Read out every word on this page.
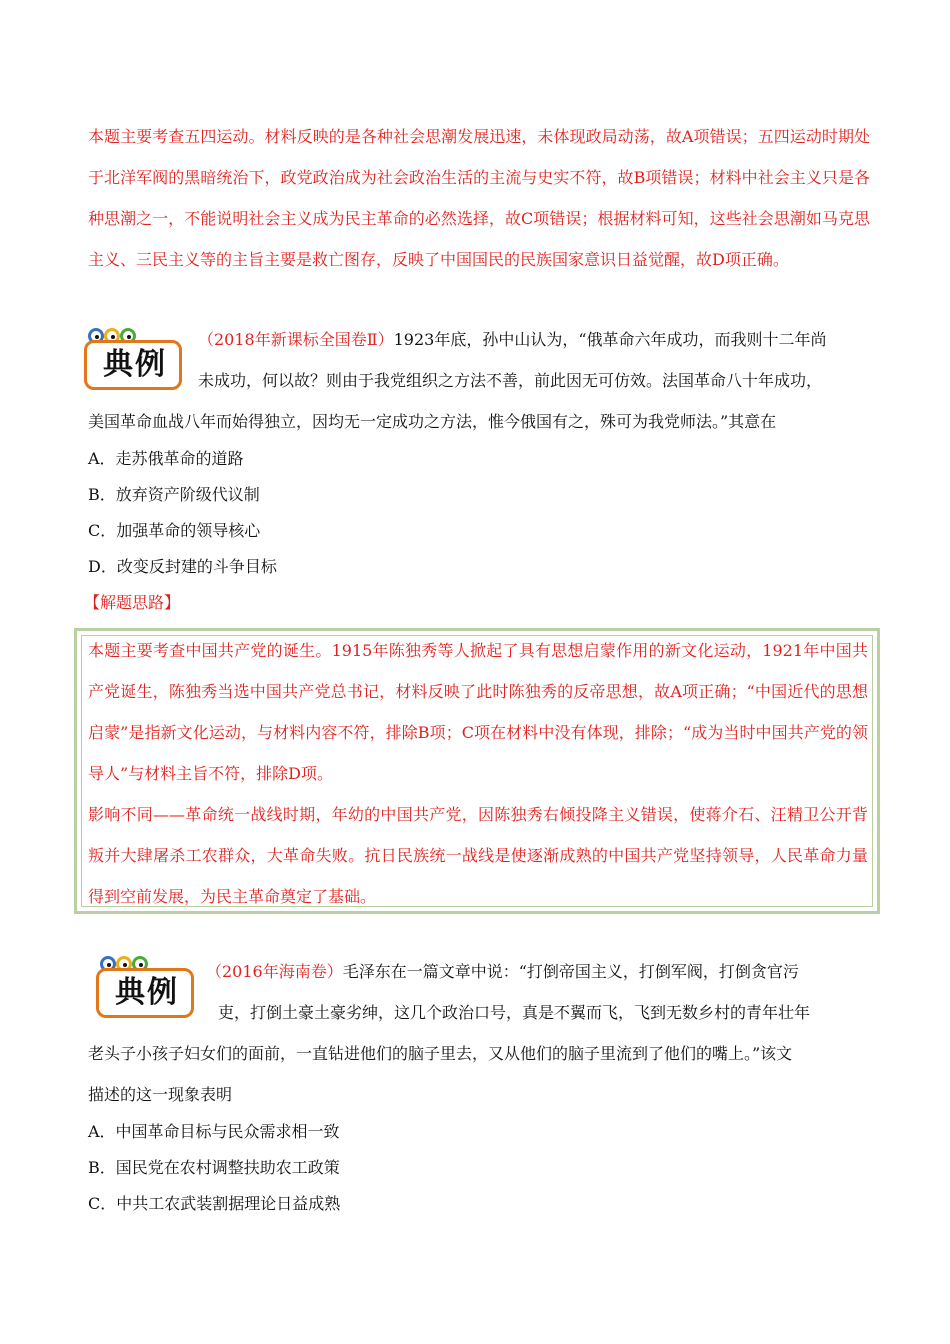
本题主要考查五四运动。材料反映的是各种社会思潮发展迅速，未体现政局动荡，故A项错误；五四运动时期处于北洋军阀的黑暗统治下，政党政治成为社会政治生活的主流与史实不符，故B项错误；材料中社会主义只是各种思潮之一，不能说明社会主义成为民主革命的必然选择，故C项错误；根据材料可知，这些社会思潮如马克思主义、三民主义等的主旨主要是救亡图存，反映了中国国民的民族国家意识日益觉醒，故D项正确。

典例
（2018年新课标全国卷Ⅱ）1923年底，孙中山认为，“俄革命六年成功，而我则十二年尚
未成功，何以故？则由于我党组织之方法不善，前此因无可仿效。法国革命八十年成功，
美国革命血战八年而始得独立，因均无一定成功之方法，惟今俄国有之，殊可为我党师法。”其意在
A．走苏俄革命的道路
B．放弃资产阶级代议制
C．加强革命的领导核心
D．改变反封建的斗争目标
【解题思路】

本题主要考查中国共产党的诞生。1915年陈独秀等人掀起了具有思想启蒙作用的新文化运动，1921年中国共产党诞生，陈独秀当选中国共产党总书记，材料反映了此时陈独秀的反帝思想，故A项正确；“中国近代的思想启蒙”是指新文化运动，与材料内容不符，排除B项；C项在材料中没有体现，排除；“成为当时中国共产党的领导人”与材料主旨不符，排除D项。

影响不同——革命统一战线时期，年幼的中国共产党，因陈独秀右倾投降主义错误，使蒋介石、汪精卫公开背叛并大肆屠杀工农群众，大革命失败。抗日民族统一战线是使逐渐成熟的中国共产党坚持领导，人民革命力量得到空前发展，为民主革命奠定了基础。

典例
（2016年海南卷）毛泽东在一篇文章中说：“打倒帝国主义，打倒军阀，打倒贪官污
吏，打倒土豪土豪劣绅，这几个政治口号，真是不翼而飞，飞到无数乡村的青年壮年
老头子小孩子妇女们的面前，一直钻进他们的脑子里去，又从他们的脑子里流到了他们的嘴上。”该文
描述的这一现象表明
A．中国革命目标与民众需求相一致
B．国民党在农村调整扶助农工政策
C．中共工农武装割据理论日益成熟
